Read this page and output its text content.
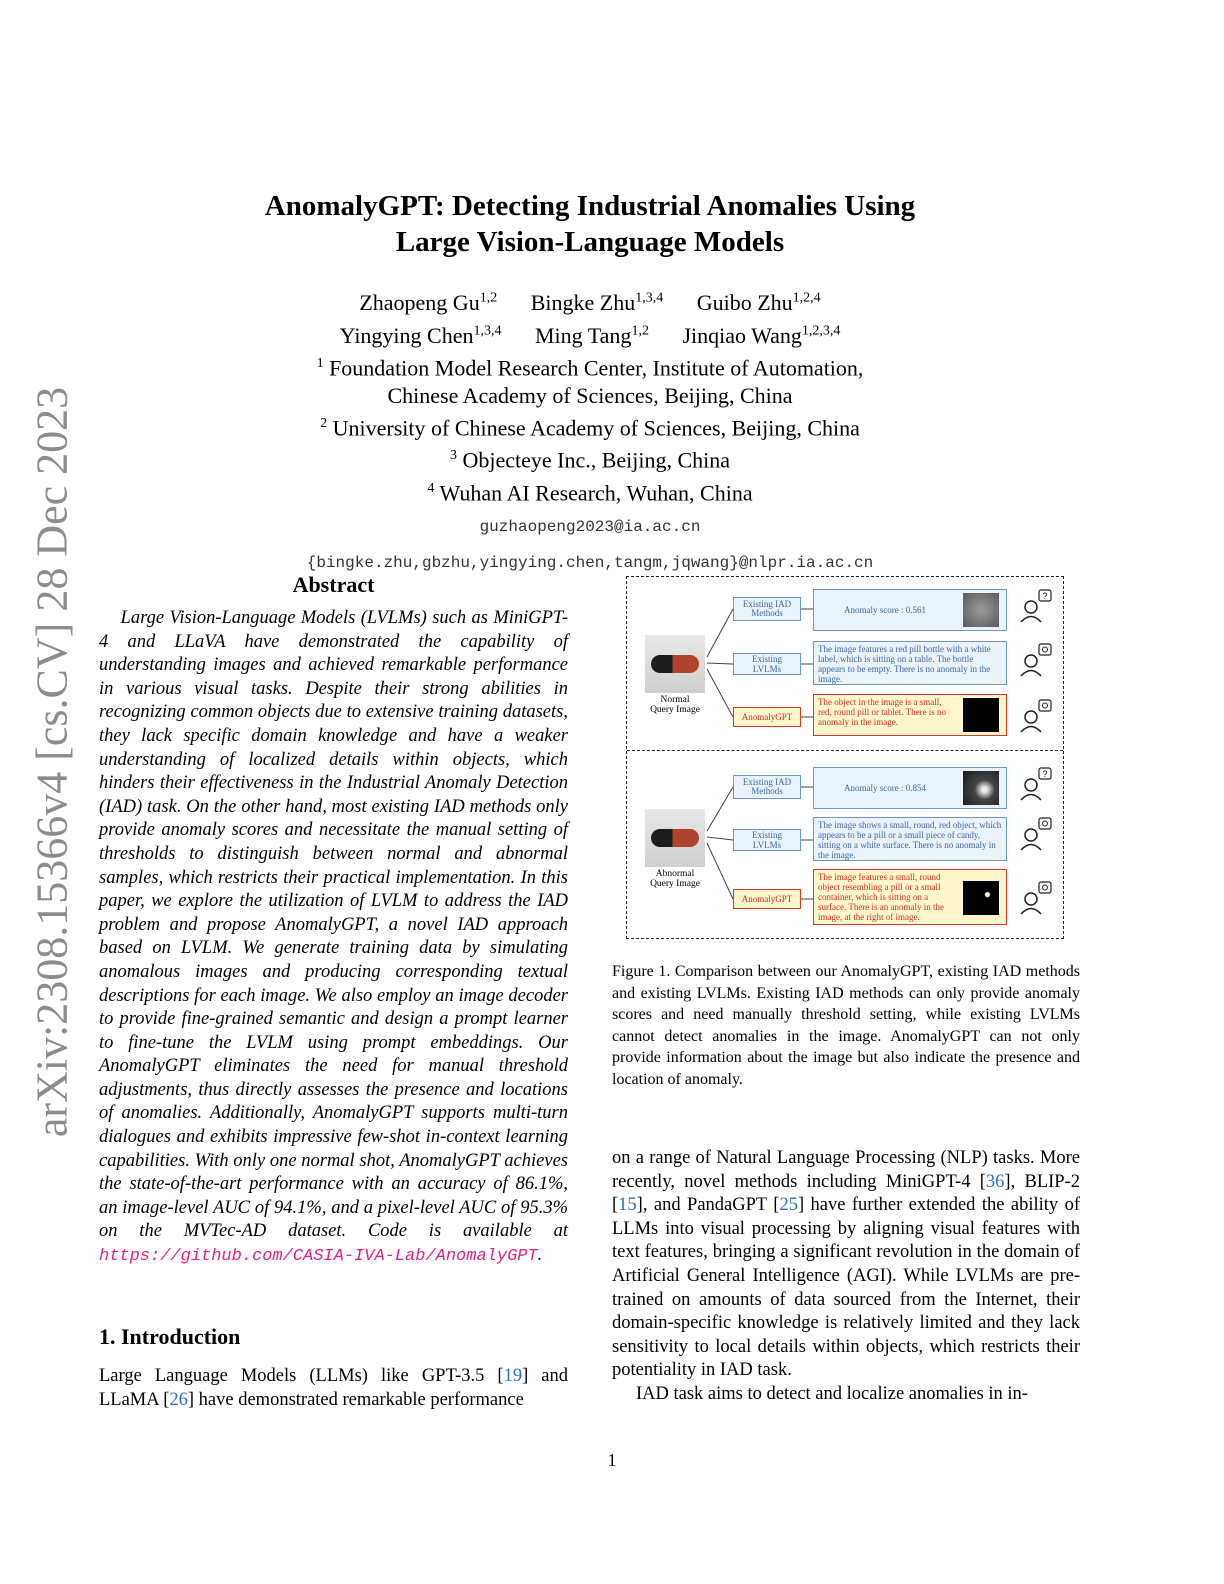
arXiv:2308.15366v4 [cs.CV] 28 Dec 2023
AnomalyGPT: Detecting Industrial Anomalies Using
Large Vision-Language Models
Zhaopeng Gu$^{1,2}$ Bingke Zhu$^{1,3,4}$ Guibo Zhu$^{1,2,4}$
Yingying Chen$^{1,3,4}$ Ming Tang$^{1,2}$ Jinqiao Wang$^{1,2,3,4}$
$^1$ Foundation Model Research Center, Institute of Automation,
Chinese Academy of Sciences, Beijing, China
$^2$ University of Chinese Academy of Sciences, Beijing, China
$^3$ Objecteye Inc., Beijing, China
$^4$ Wuhan AI Research, Wuhan, China
guzhaopeng2023@ia.ac.cn
{bingke.zhu,gbzhu,yingying.chen,tangm,jqwang}@nlpr.ia.ac.cn
Abstract
Large Vision-Language Models (LVLMs) such as MiniGPT-4 and LLaVA have demonstrated the capability of understanding images and achieved remarkable performance in various visual tasks. Despite their strong abilities in recognizing common objects due to extensive training datasets, they lack specific domain knowledge and have a weaker understanding of localized details within objects, which hinders their effectiveness in the Industrial Anomaly Detection (IAD) task. On the other hand, most existing IAD methods only provide anomaly scores and necessitate the manual setting of thresholds to distinguish between normal and abnormal samples, which restricts their practical implementation. In this paper, we explore the utilization of LVLM to address the IAD problem and propose AnomalyGPT, a novel IAD approach based on LVLM. We generate training data by simulating anomalous images and producing corresponding textual descriptions for each image. We also employ an image decoder to provide fine-grained semantic and design a prompt learner to fine-tune the LVLM using prompt embeddings. Our AnomalyGPT eliminates the need for manual threshold adjustments, thus directly assesses the presence and locations of anomalies. Additionally, AnomalyGPT supports multi-turn dialogues and exhibits impressive few-shot in-context learning capabilities. With only one normal shot, AnomalyGPT achieves the state-of-the-art performance with an accuracy of 86.1%, an image-level AUC of 94.1%, and a pixel-level AUC of 95.3% on the MVTec-AD dataset. Code is available at https://github.com/CASIA-IVA-Lab/AnomalyGPT.
1. Introduction
Large Language Models (LLMs) like GPT-3.5 [19] and LLaMA [26] have demonstrated remarkable performance
Normal
Query Image
Existing IAD
Methods
Existing LVLMs
AnomalyGPT
Anomaly score : 0.561
The image features a red pill bottle with a white label, which is sitting on a table. The bottle appears to be empty. There is no anomaly in the image.
The object in the image is a small, red, round pill or tablet. There is no anomaly in the image.
Abnormal
Query Image
Existing IAD
Methods
Existing LVLMs
AnomalyGPT
Anomaly score : 0.854
The image shows a small, round, red object, which appears to be a pill or a small piece of candy, sitting on a white surface. There is no anomaly in the image.
The image features a small, round object resembling a pill or a small container, which is sitting on a surface. There is an anomaly in the image, at the right of image.
?
?
Figure 1. Comparison between our AnomalyGPT, existing IAD methods and existing LVLMs. Existing IAD methods can only provide anomaly scores and need manually threshold setting, while existing LVLMs cannot detect anomalies in the image. AnomalyGPT can not only provide information about the image but also indicate the presence and location of anomaly.
on a range of Natural Language Processing (NLP) tasks. More recently, novel methods including MiniGPT-4 [36], BLIP-2 [15], and PandaGPT [25] have further extended the ability of LLMs into visual processing by aligning visual features with text features, bringing a significant revolution in the domain of Artificial General Intelligence (AGI). While LVLMs are pre-trained on amounts of data sourced from the Internet, their domain-specific knowledge is relatively limited and they lack sensitivity to local details within objects, which restricts their potentiality in IAD task.
IAD task aims to detect and localize anomalies in in-
1
